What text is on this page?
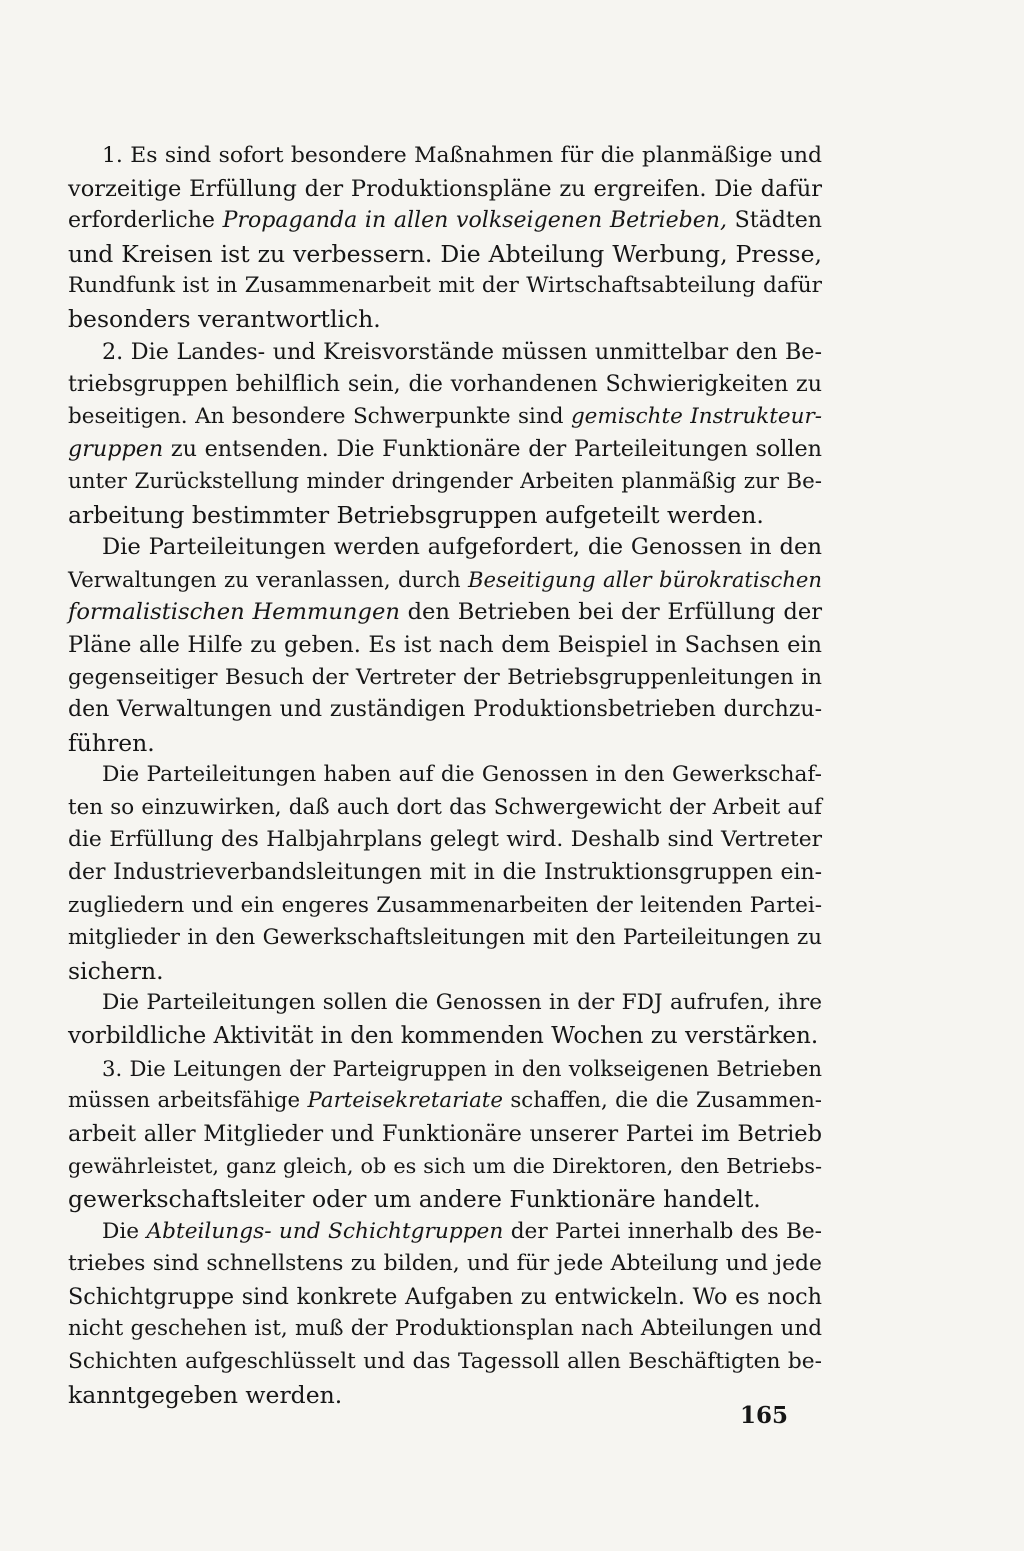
1. Es sind sofort besondere Maßnahmen für die planmäßige und
vorzeitige Erfüllung der Produktionspläne zu ergreifen. Die dafür
erforderliche Propaganda in allen volkseigenen Betrieben, Städten
und Kreisen ist zu verbessern. Die Abteilung Werbung, Presse,
Rundfunk ist in Zusammenarbeit mit der Wirtschaftsabteilung dafür
besonders verantwortlich.
2. Die Landes- und Kreisvorstände müssen unmittelbar den Be-
triebsgruppen behilflich sein, die vorhandenen Schwierigkeiten zu
beseitigen. An besondere Schwerpunkte sind gemischte Instrukteur-
gruppen zu entsenden. Die Funktionäre der Parteileitungen sollen
unter Zurückstellung minder dringender Arbeiten planmäßig zur Be-
arbeitung bestimmter Betriebsgruppen aufgeteilt werden.
Die Parteileitungen werden aufgefordert, die Genossen in den
Verwaltungen zu veranlassen, durch Beseitigung aller bürokratischen
formalistischen Hemmungen den Betrieben bei der Erfüllung der
Pläne alle Hilfe zu geben. Es ist nach dem Beispiel in Sachsen ein
gegenseitiger Besuch der Vertreter der Betriebsgruppenleitungen in
den Verwaltungen und zuständigen Produktionsbetrieben durchzu-
führen.
Die Parteileitungen haben auf die Genossen in den Gewerkschaf-
ten so einzuwirken, daß auch dort das Schwergewicht der Arbeit auf
die Erfüllung des Halbjahrplans gelegt wird. Deshalb sind Vertreter
der Industrieverbandsleitungen mit in die Instruktionsgruppen ein-
zugliedern und ein engeres Zusammenarbeiten der leitenden Partei-
mitglieder in den Gewerkschaftsleitungen mit den Parteileitungen zu
sichern.
Die Parteileitungen sollen die Genossen in der FDJ aufrufen, ihre
vorbildliche Aktivität in den kommenden Wochen zu verstärken.
3. Die Leitungen der Parteigruppen in den volkseigenen Betrieben
müssen arbeitsfähige Parteisekretariate schaffen, die die Zusammen-
arbeit aller Mitglieder und Funktionäre unserer Partei im Betrieb
gewährleistet, ganz gleich, ob es sich um die Direktoren, den Betriebs-
gewerkschaftsleiter oder um andere Funktionäre handelt.
Die Abteilungs- und Schichtgruppen der Partei innerhalb des Be-
triebes sind schnellstens zu bilden, und für jede Abteilung und jede
Schichtgruppe sind konkrete Aufgaben zu entwickeln. Wo es noch
nicht geschehen ist, muß der Produktionsplan nach Abteilungen und
Schichten aufgeschlüsselt und das Tagessoll allen Beschäftigten be-
kanntgegeben werden.
165
